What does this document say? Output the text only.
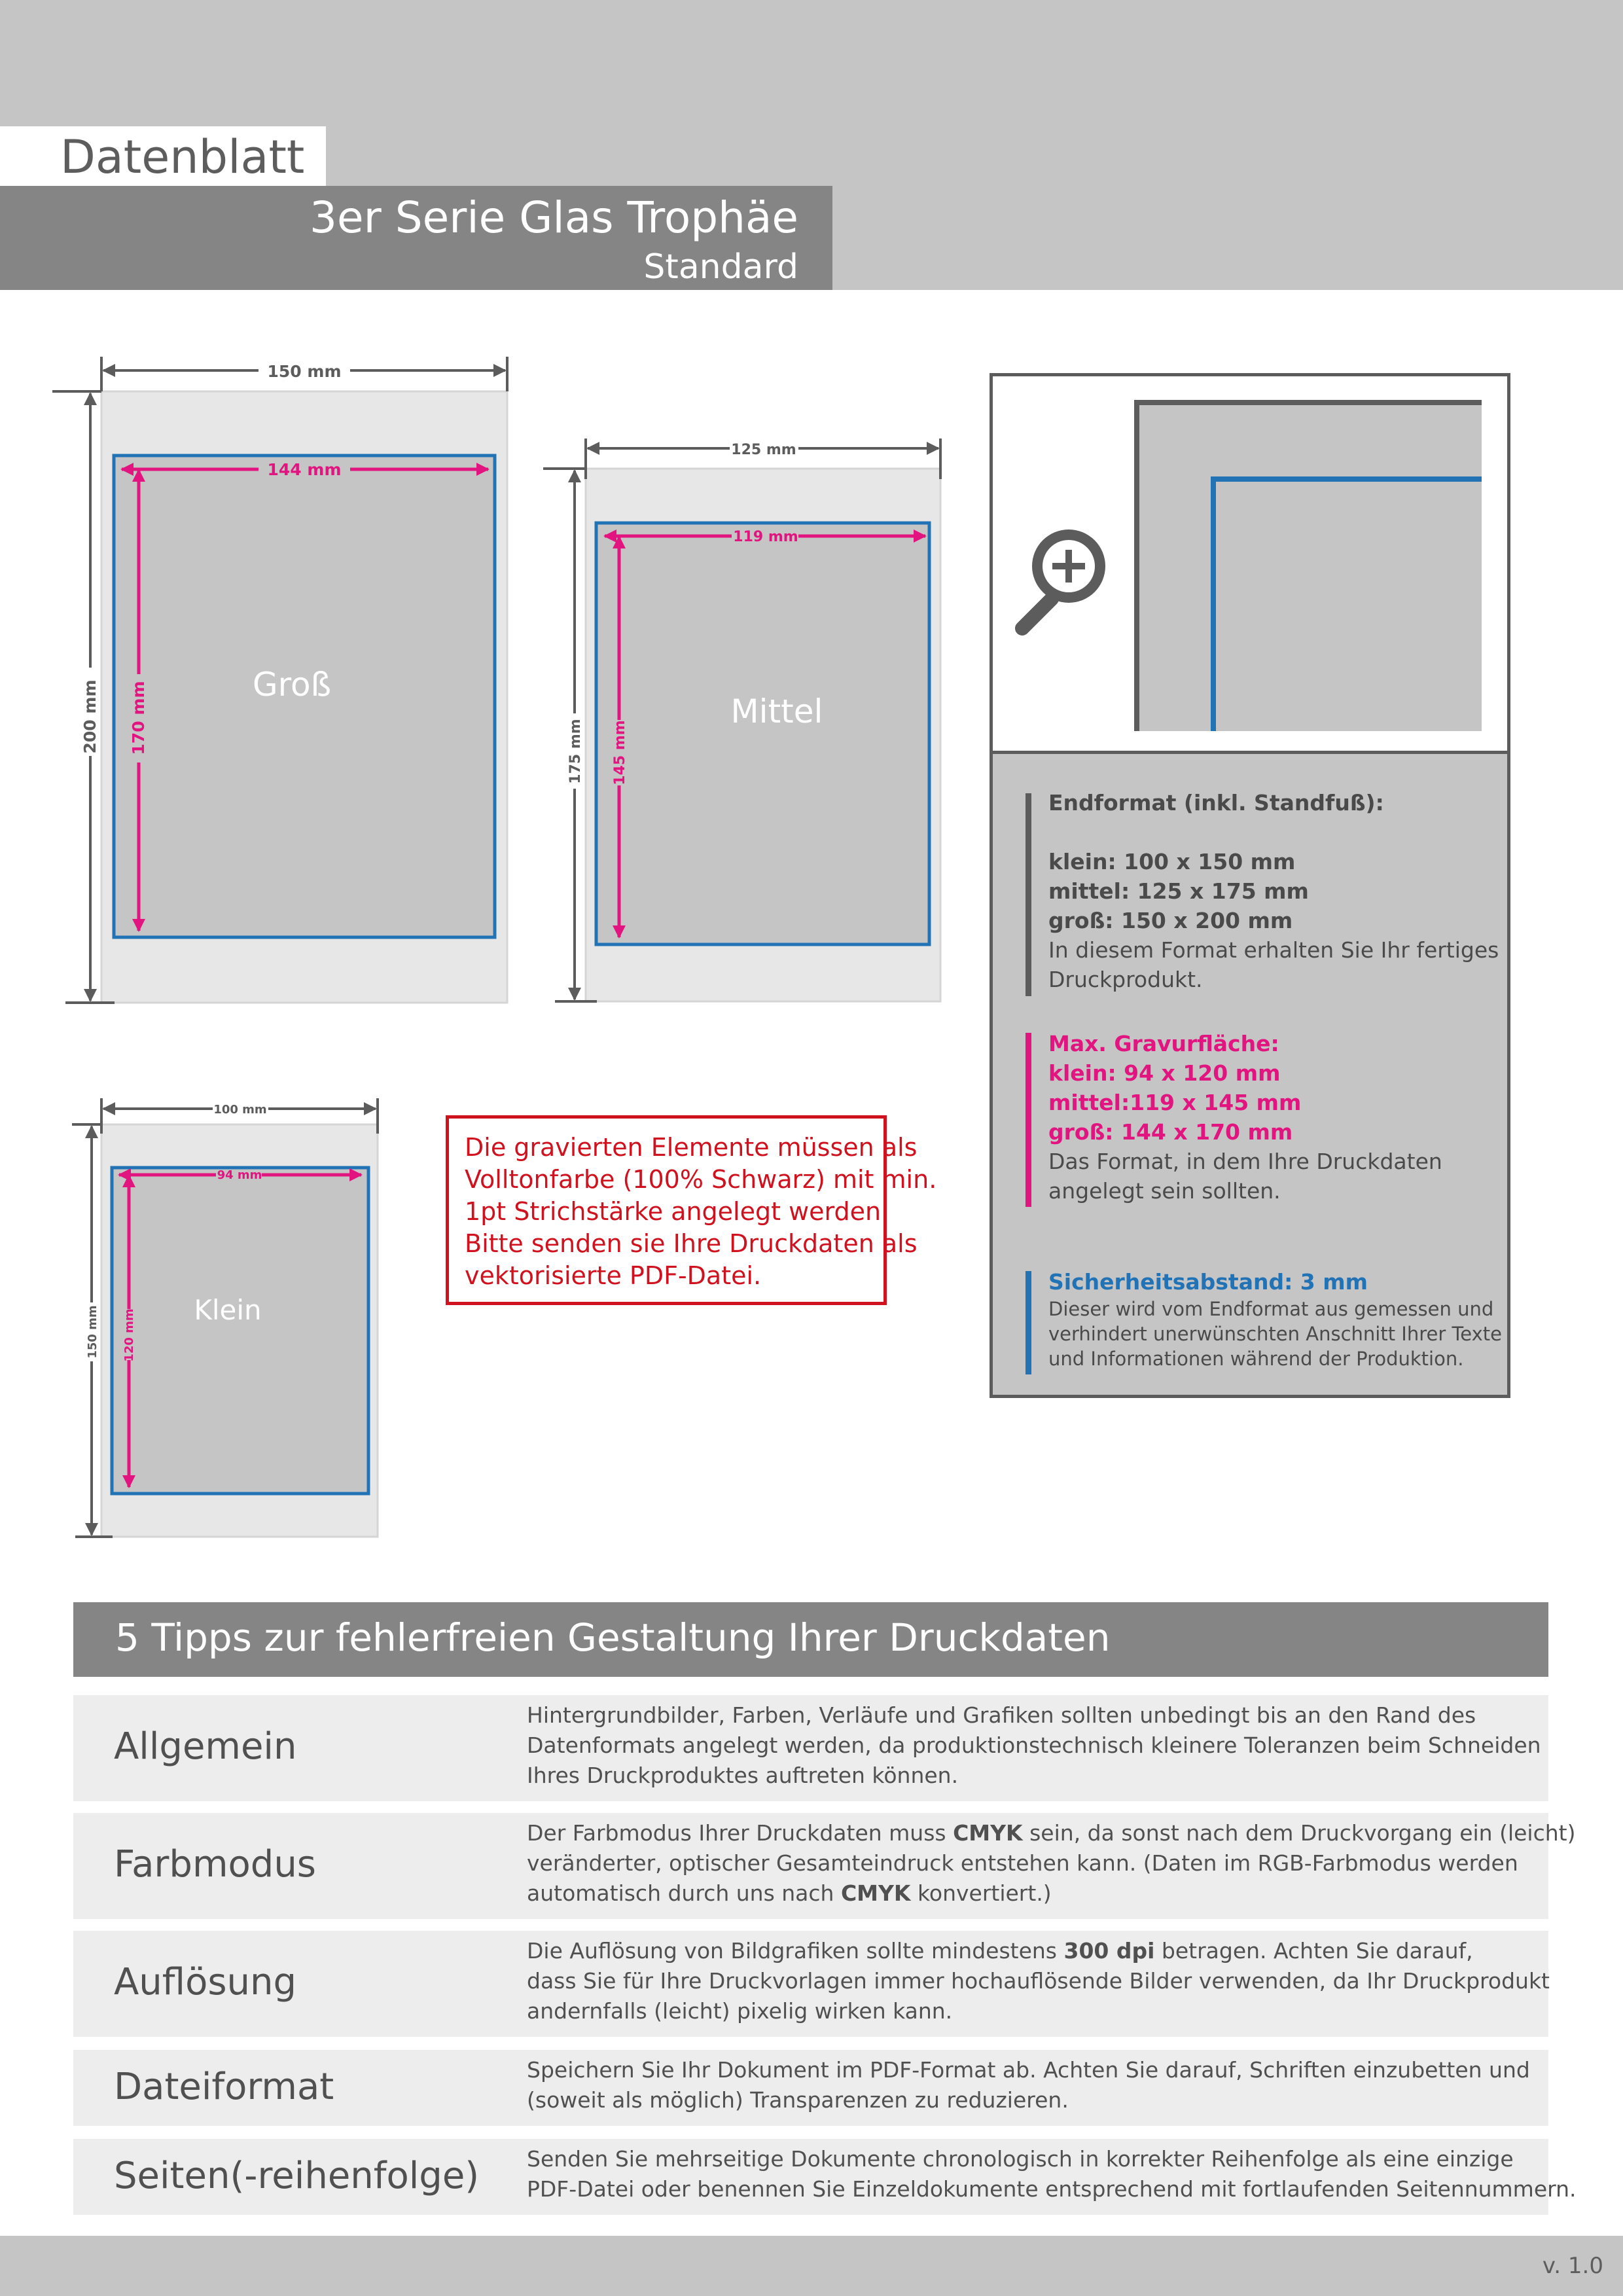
Datenblatt
3er Serie Glas Trophäe
Standard
150 mm
200 mm
144 mm
170 mm	Groß
125 mm
175 mm
119 mm
145 mm
Mittel
100 mm
150 mm
94 mm
120 mm Klein
Endformat (inkl. Standfuß):

klein: 100 x 150 mm
mittel: 125 x 175 mm
groß: 150 x 200 mm
In diesem Format erhalten Sie Ihr fertiges
Druckprodukt.
Max. Gravurfläche:
klein: 94 x 120 mm
mittel:119 x 145 mm
groß: 144 x 170 mm
Das Format, in dem Ihre Druckdaten
angelegt sein sollten.
Sicherheitsabstand: 3 mm
Dieser wird vom Endformat aus gemessen und
verhindert unerwünschten Anschnitt Ihrer Texte
und Informationen während der Produktion.
Die gravierten Elemente müssen als
Volltonfarbe (100% Schwarz) mit min.
1pt Strichstärke angelegt werden.
Bitte senden sie Ihre Druckdaten als
vektorisierte PDF-Datei.
5 Tipps zur fehlerfreien Gestaltung Ihrer Druckdaten
Allgemein
Hintergrundbilder, Farben, Verläufe und Grafiken sollten unbedingt bis an den Rand des
Datenformats angelegt werden, da produktionstechnisch kleinere Toleranzen beim Schneiden
Ihres Druckproduktes auftreten können.
Farbmodus
Der Farbmodus Ihrer Druckdaten muss CMYK sein, da sonst nach dem Druckvorgang ein (leicht)
veränderter, optischer Gesamteindruck entstehen kann. (Daten im RGB-Farbmodus werden
automatisch durch uns nach CMYK konvertiert.)
Auflösung
Die Auflösung von Bildgrafiken sollte mindestens 300 dpi betragen. Achten Sie darauf,
dass Sie für Ihre Druckvorlagen immer hochauflösende Bilder verwenden, da Ihr Druckprodukt
andernfalls (leicht) pixelig wirken kann.
Dateiformat	Speichern Sie Ihr Dokument im PDF-Format ab. Achten Sie darauf, Schriften einzubetten und
(soweit als möglich) Transparenzen zu reduzieren.
Seiten(-reihenfolge) Senden Sie mehrseitige Dokumente chronologisch in korrekter Reihenfolge als eine einzige
PDF-Datei oder benennen Sie Einzeldokumente entsprechend mit fortlaufenden Seitennummern.
v. 1.0
